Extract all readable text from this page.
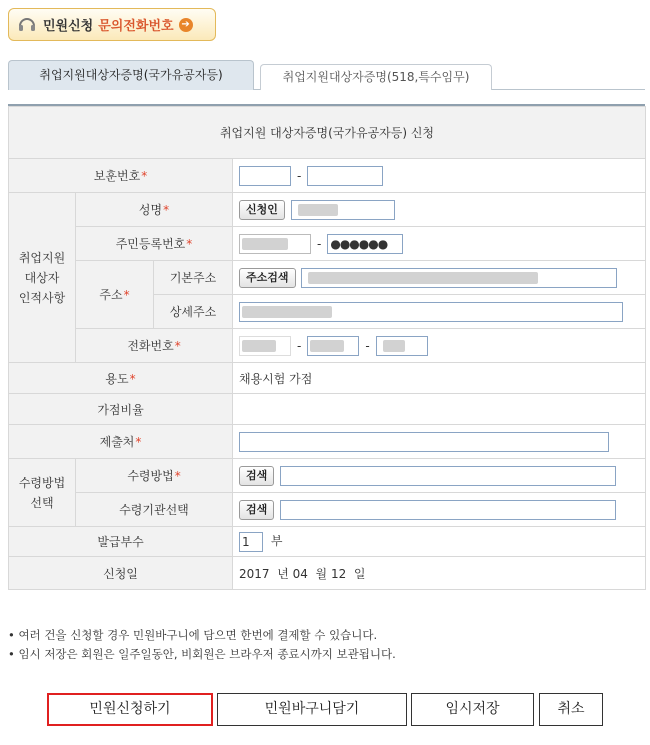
민원신청 문의전화번호 ➔
취업지원대상자증명(국가유공자등)	취업지원대상자증명(518,특수임무)
취업지원 대상자증명(국가유공자등) 신청			
보훈번호*			-
취업지원
대상자
인적사항	성명*		신청인
	주민등록번호*		- ●●●●●●
	주소*	기본주소	주소검색
		상세주소	
	전화번호*		- -
용도*			채용시험 가점
가점비율			
제출처*			
수령방법
선택	수령방법*		검색
	수령기관선택		검색
발급부수			1 부
신청일			2017 년 04 월 12 일
• 여러 건을 신청할 경우 민원바구니에 담으면 한번에 결제할 수 있습니다.
• 임시 저장은 회원은 일주일동안, 비회원은 브라우저 종료시까지 보관됩니다.
민원신청하기	민원바구니담기	임시저장	취소
